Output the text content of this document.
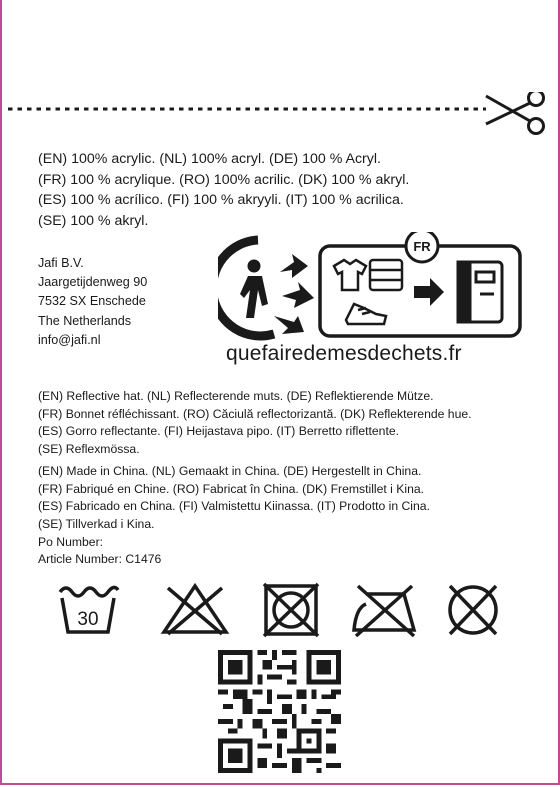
(EN) 100% acrylic. (NL) 100% acryl. (DE) 100 % Acryl.
(FR) 100 % acrylique. (RO) 100% acrilic. (DK) 100 % akryl.
(ES) 100 % acrílico. (FI) 100 % akryyli. (IT) 100 % acrilica.
(SE) 100 % akryl.
Jafi B.V.
Jaargetijdenweg 90
7532 SX Enschede
The Netherlands
info@jafi.nl
FR
quefairedemesdechets.fr
(EN) Reflective hat. (NL) Reflecterende muts. (DE) Reflektierende Mütze.
(FR) Bonnet réfléchissant. (RO) Căciulă reflectorizantă. (DK) Reflekterende hue.
(ES) Gorro reflectante. (FI) Heijastava pipo. (IT) Berretto riflettente.
(SE) Reflexmössa.
(EN) Made in China. (NL) Gemaakt in China. (DE) Hergestellt in China.
(FR) Fabriqué en Chine. (RO) Fabricat în China. (DK) Fremstillet i Kina.
(ES) Fabricado en China. (FI) Valmistettu Kiinassa. (IT) Prodotto in Cina.
(SE) Tillverkad i Kina.
Po Number:
Article Number: C1476
30
